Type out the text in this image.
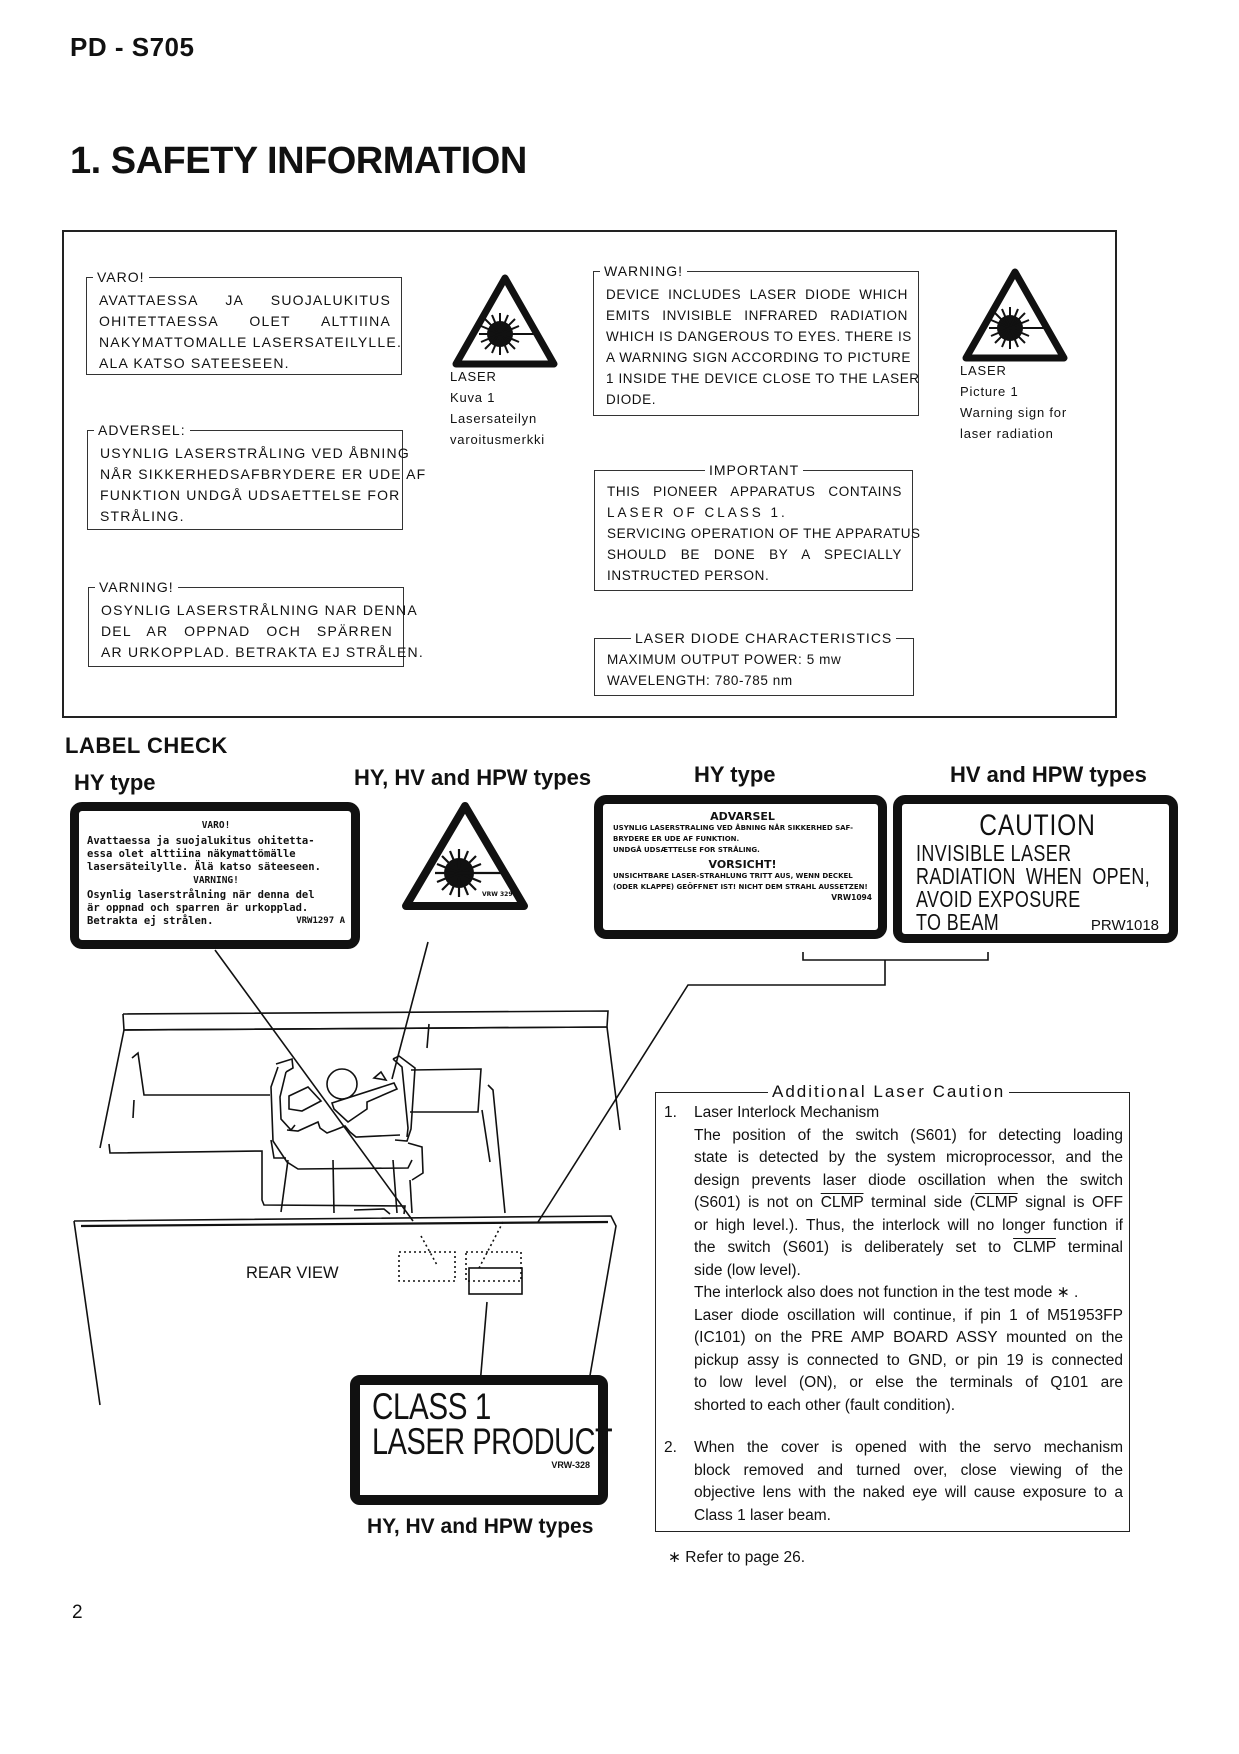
PD - S705
1. SAFETY INFORMATION
VARO!
AVATTAESSA JA SUOJALUKITUS
OHITETTAESSA OLET ALTTIINA
NAKYMATTOMALLE LASERSATEILYLLE.
ALA KATSO SATEESEEN.
ADVERSEL:
USYNLIG LASERSTRÅLING VED ÅBNING
NÅR SIKKERHEDSAFBRYDERE ER UDE AF
FUNKTION UNDGÅ UDSAETTELSE FOR
STRÅLING.
VARNING!
OSYNLIG LASERSTRÅLNING NAR DENNA
DEL AR OPPNAD OCH SPÄRREN
AR URKOPPLAD. BETRAKTA EJ STRÅLEN.
LASER
Kuva 1
Lasersateilyn
varoitusmerkki
WARNING!
DEVICE INCLUDES LASER DIODE WHICH
EMITS INVISIBLE INFRARED RADIATION
WHICH IS DANGEROUS TO EYES. THERE IS
A WARNING SIGN ACCORDING TO PICTURE
1 INSIDE THE DEVICE CLOSE TO THE LASER
DIODE.
LASER
Picture 1
Warning sign for
laser radiation
IMPORTANT
THIS PIONEER APPARATUS CONTAINS
LASER OF CLASS 1.
SERVICING OPERATION OF THE APPARATUS
SHOULD BE DONE BY A SPECIALLY
INSTRUCTED PERSON.
LASER DIODE CHARACTERISTICS
MAXIMUM OUTPUT POWER: 5 mw
WAVELENGTH: 780-785 nm
LABEL CHECK
HY type	HY, HV and HPW types	HY type	HV and HPW types
VARO!
Avattaessa ja suojalukitus ohitetta-
essa olet alttiina näkymattömälle
lasersäteilylle. Älä katso säteeseen.
VARNING!
Osynlig laserstrålning när denna del
är oppnad och sparren är urkopplad.
Betrakta ej strålen.	VRW1297 A
VRW 329
ADVARSEL
USYNLIG LASERSTRALING VED ÅBNING NÅR SIKKERHED SAF-
BRYDERE ER UDE AF FUNKTION.
UNDGÅ UDSÆTTELSE FOR STRÅLING.
VORSICHT!
UNSICHTBARE LASER-STRAHLUNG TRITT AUS, WENN DECKEL
(ODER KLAPPE) GEÖFFNET IST! NICHT DEM STRAHL AUSSETZEN!
VRW1094
CAUTION
INVISIBLE LASER
RADIATION WHEN OPEN,
AVOID EXPOSURE
TO BEAM	PRW1018
REAR VIEW
CLASS 1
LASER PRODUCT
VRW-328
HY, HV and HPW types
Additional Laser Caution
1. Laser Interlock Mechanism
The position of the switch (S601) for detecting loading
state is detected by the system microprocessor, and the
design prevents laser diode oscillation when the switch
(S601) is not on CLMP terminal side (CLMP signal is OFF
or high level.). Thus, the interlock will no longer function if
the switch (S601) is deliberately set to CLMP terminal
side (low level).
The interlock also does not function in the test mode ∗ .
Laser diode oscillation will continue, if pin 1 of M51953FP
(IC101) on the PRE AMP BOARD ASSY mounted on the
pickup assy is connected to GND, or pin 19 is connected
to low level (ON), or else the terminals of Q101 are
shorted to each other (fault condition).
2. When the cover is opened with the servo mechanism
block removed and turned over, close viewing of the
objective lens with the naked eye will cause exposure to a
Class 1 laser beam.
∗ Refer to page 26.
2
